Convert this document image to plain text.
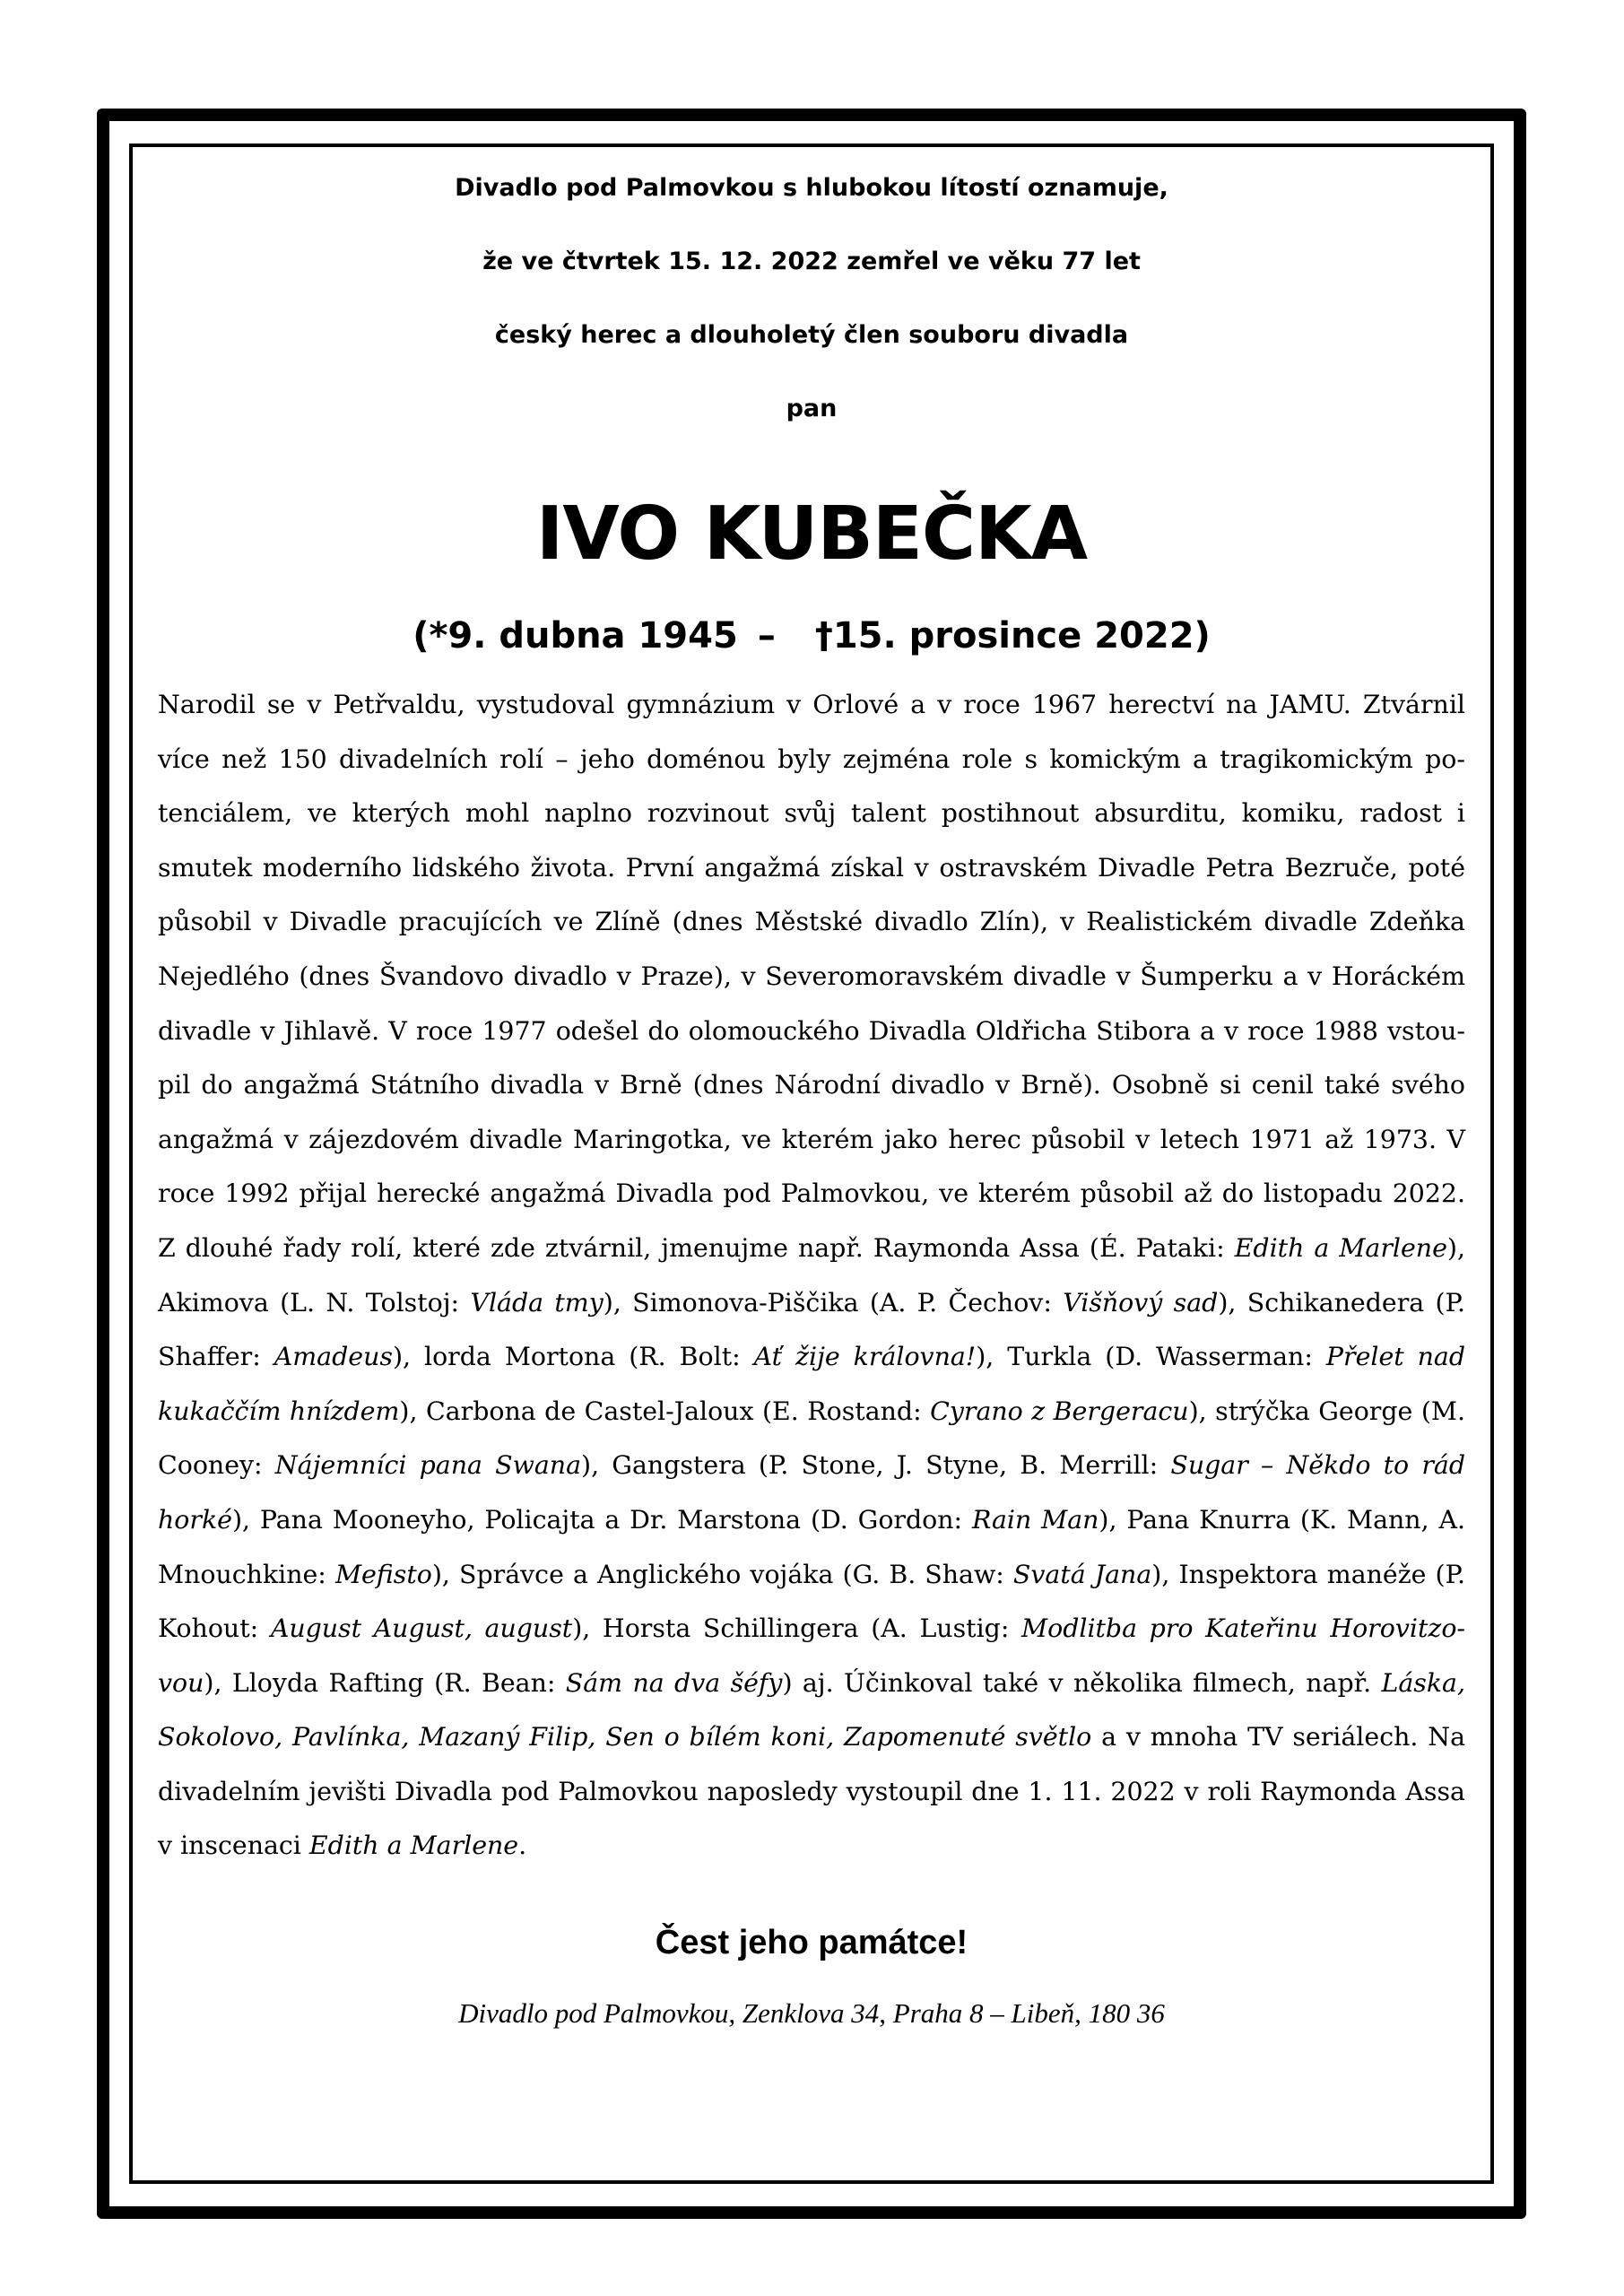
Divadlo pod Palmovkou s hlubokou lítostí oznamuje,

že ve čtvrtek 15. 12. 2022 zemřel ve věku 77 let

český herec a dlouholetý člen souboru divadla

pan

IVO KUBEČKA
(*9. dubna 1945 – †15. prosince 2022)

Narodil se v Petřvaldu, vystudoval gymnázium v Orlové a v roce 1967 herectví na JAMU. Ztvárnil více než 150 divadelních rolí – jeho doménou byly zejména role s komickým a tragikomickým potenciálem, ve kterých mohl naplno rozvinout svůj talent postihnout absurditu, komiku, radost i smutek moderního lidského života. První angažmá získal v ostravském Divadle Petra Bezruče, poté působil v Divadle pracujících ve Zlíně (dnes Městské divadlo Zlín), v Realistickém divadle Zdeňka Nejedlého (dnes Švandovo divadlo v Praze), v Severomoravském divadle v Šumperku a v Horáckém divadle v Jihlavě. V roce 1977 odešel do olomouckého Divadla Oldřicha Stibora a v roce 1988 vstoupil do angažmá Státního divadla v Brně (dnes Národní divadlo v Brně). Osobně si cenil také svého angažmá v zájezdovém divadle Maringotka, ve kterém jako herec působil v letech 1971 až 1973. V roce 1992 přijal herecké angažmá Divadla pod Palmovkou, ve kterém působil až do listopadu 2022. Z dlouhé řady rolí, které zde ztvárnil, jmenujme např. Raymonda Assa (É. Pataki: Edith a Marlene), Akimova (L. N. Tolstoj: Vláda tmy), Simonova-Piščika (A. P. Čechov: Višňový sad), Schikanedera (P. Shaffer: Amadeus), lorda Mortona (R. Bolt: Ať žije královna!), Turkla (D. Wasserman: Přelet nad kukaččím hnízdem), Carbona de Castel-Jaloux (E. Rostand: Cyrano z Bergeracu), strýčka George (M. Cooney: Nájemníci pana Swana), Gangstera (P. Stone, J. Styne, B. Merrill: Sugar – Někdo to rád horké), Pana Mooneyho, Policajta a Dr. Marstona (D. Gordon: Rain Man), Pana Knurra (K. Mann, A. Mnouchkine: Mefisto), Správce a Anglického vojáka (G. B. Shaw: Svatá Jana), Inspektora manéže (P. Kohout: August August, august), Horsta Schillingera (A. Lustig: Modlitba pro Kateřinu Horovitzovou), Lloyda Rafting (R. Bean: Sám na dva šéfy) aj. Účinkoval také v několika filmech, např. Láska, Sokolovo, Pavlínka, Mazaný Filip, Sen o bílém koni, Zapomenuté světlo a v mnoha TV seriálech. Na divadelním jevišti Divadla pod Palmovkou naposledy vystoupil dne 1. 11. 2022 v roli Raymonda Assa v inscenaci Edith a Marlene.

Čest jeho památce!

Divadlo pod Palmovkou, Zenklova 34, Praha 8 – Libeň, 180 36
